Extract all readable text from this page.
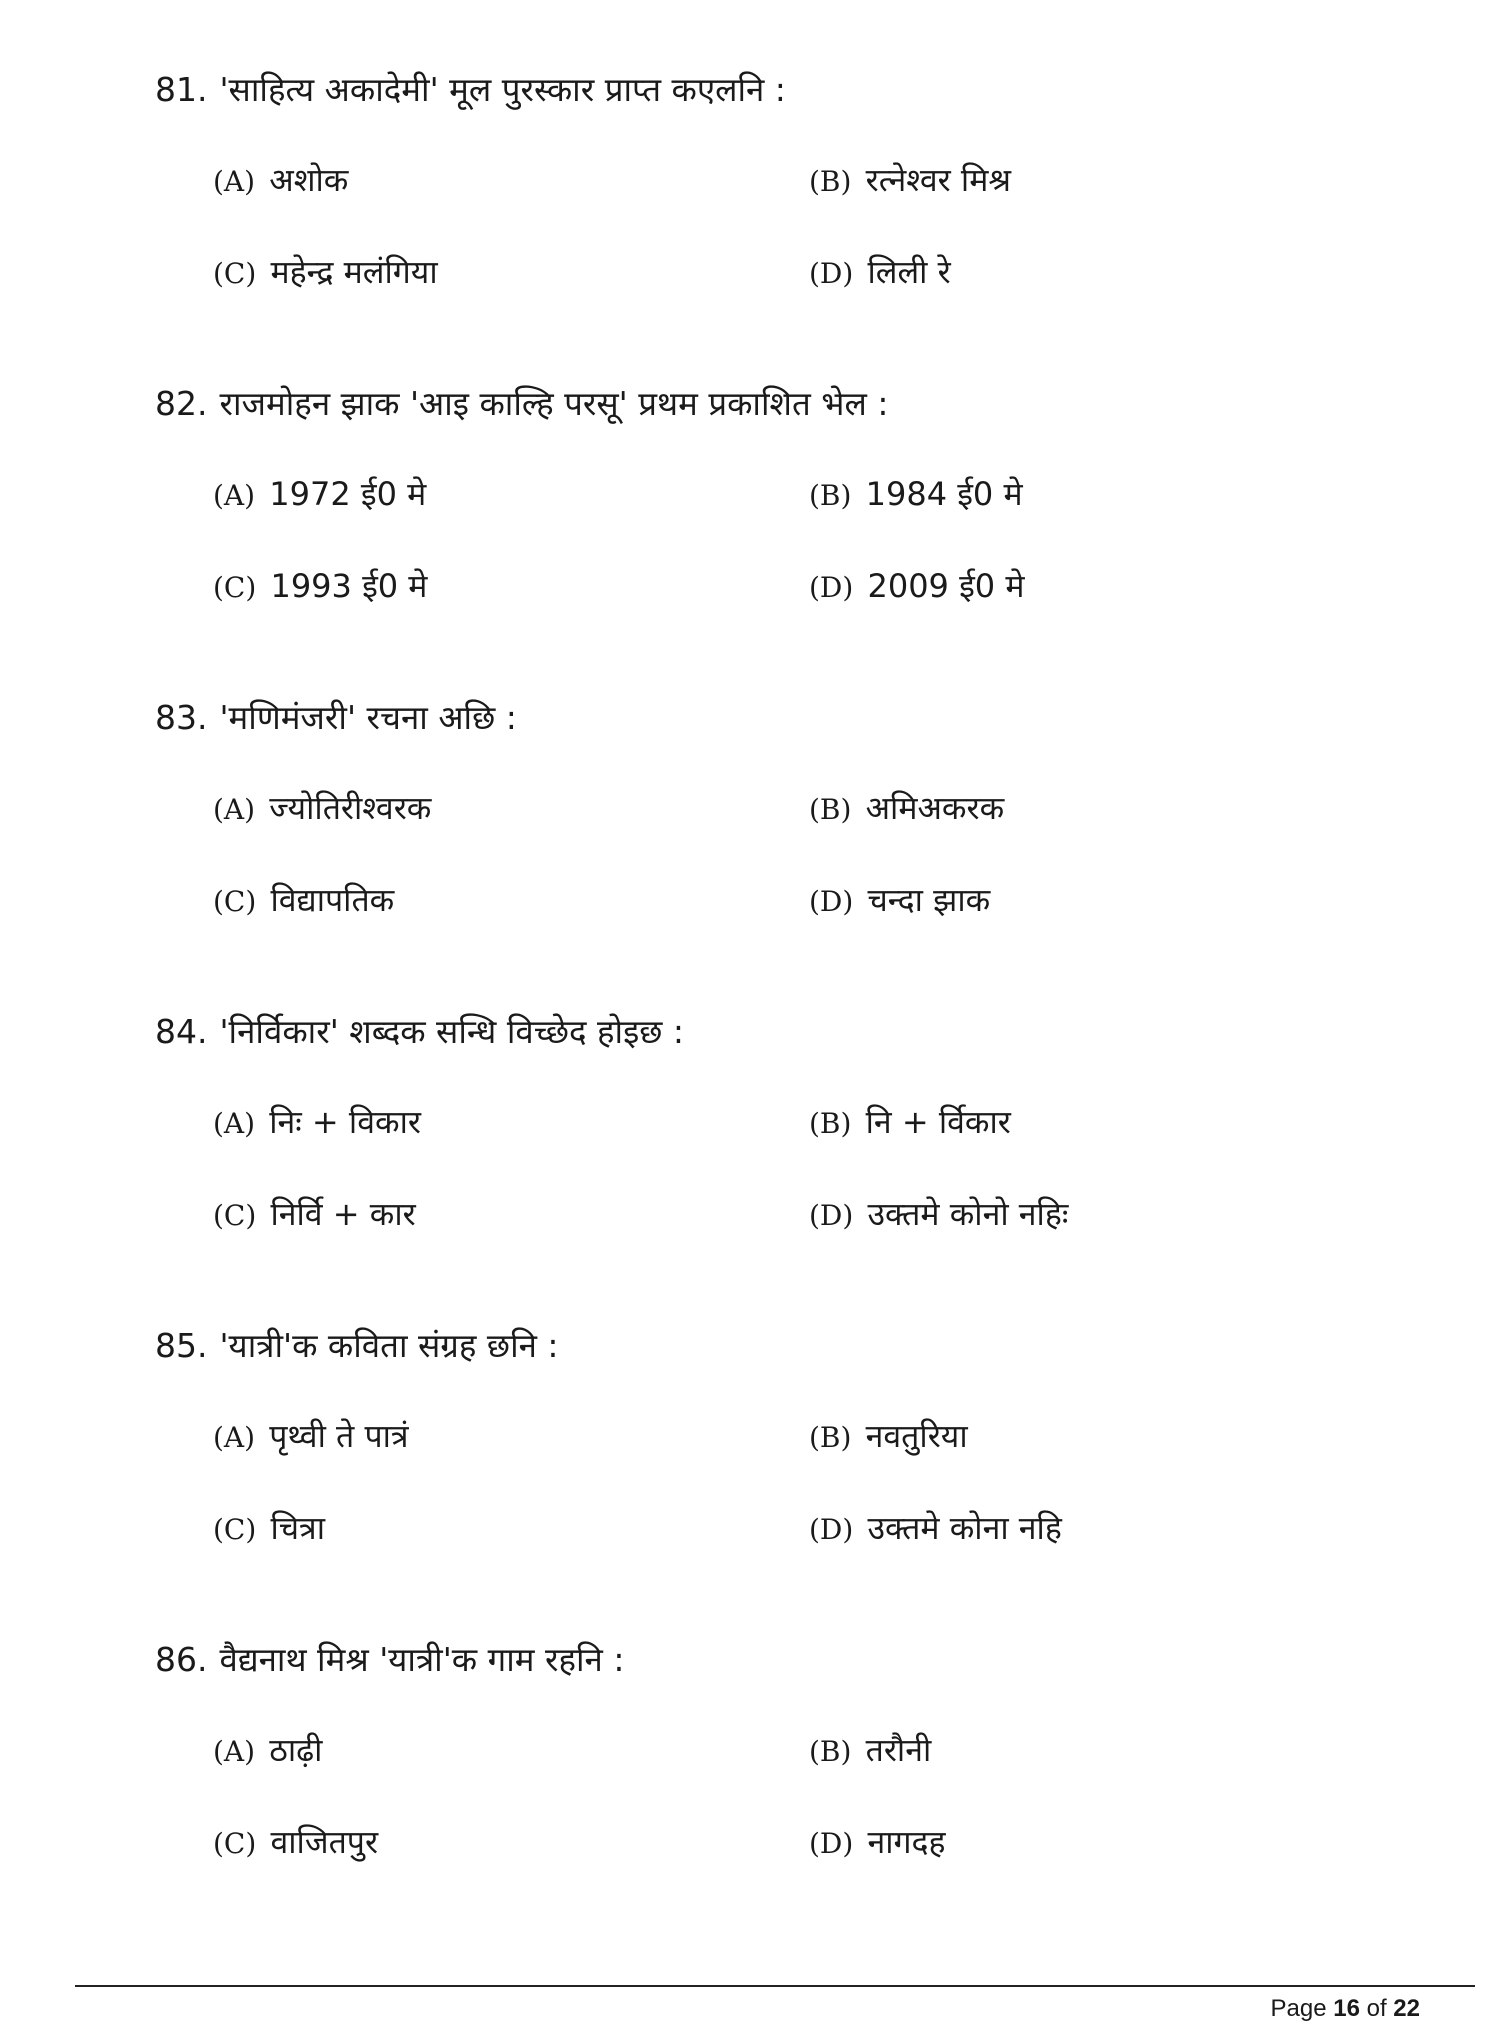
81. 'साहित्य अकादेमी' मूल पुरस्कार प्राप्त कएलनि :
(A) अशोक	(B) रत्नेश्वर मिश्र
(C) महेन्द्र मलंगिया	(D) लिली रे
82. राजमोहन झाक 'आइ काल्हि परसू' प्रथम प्रकाशित भेल :
(A) 1972 ई0 मे	(B) 1984 ई0 मे
(C) 1993 ई0 मे	(D) 2009 ई0 मे
83. 'मणिमंजरी' रचना अछि :
(A) ज्योतिरीश्वरक	(B) अमिअकरक
(C) विद्यापतिक	(D) चन्दा झाक
84. 'निर्विकार' शब्दक सन्धि विच्छेद होइछ :
(A) निः + विकार	(B) नि + र्विकार
(C) निर्वि + कार	(D) उक्तमे कोनो नहिः
85. 'यात्री'क कविता संग्रह छनि :
(A) पृथ्वी ते पात्रं	(B) नवतुरिया
(C) चित्रा	(D) उक्तमे कोना नहि
86. वैद्यनाथ मिश्र 'यात्री'क गाम रहनि :
(A) ठाढ़ी	(B) तरौनी
(C) वाजितपुर	(D) नागदह
Page 16 of 22
